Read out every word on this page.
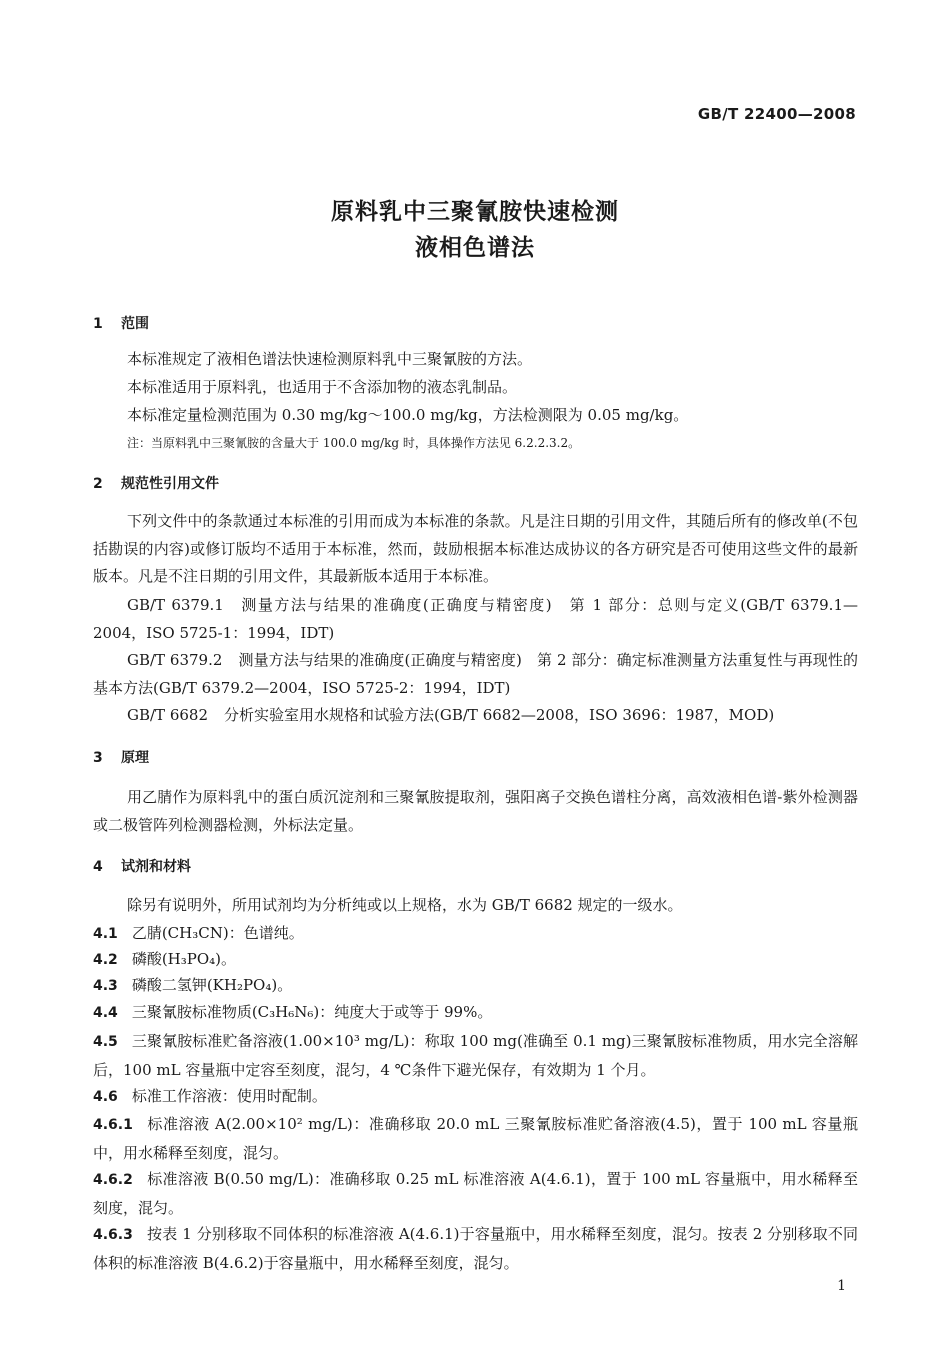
GB/T 22400—2008
原料乳中三聚氰胺快速检测
液相色谱法
1 范围
本标准规定了液相色谱法快速检测原料乳中三聚氰胺的方法。
本标准适用于原料乳，也适用于不含添加物的液态乳制品。
本标准定量检测范围为 0.30 mg/kg～100.0 mg/kg，方法检测限为 0.05 mg/kg。
注：当原料乳中三聚氰胺的含量大于 100.0 mg/kg 时，具体操作方法见 6.2.2.3.2。
2 规范性引用文件
下列文件中的条款通过本标准的引用而成为本标准的条款。凡是注日期的引用文件，其随后所有的修改单(不包括勘误的内容)或修订版均不适用于本标准，然而，鼓励根据本标准达成协议的各方研究是否可使用这些文件的最新版本。凡是不注日期的引用文件，其最新版本适用于本标准。
GB/T 6379.1 测量方法与结果的准确度(正确度与精密度)　第 1 部分：总则与定义(GB/T 6379.1—2004，ISO 5725-1：1994，IDT)
GB/T 6379.2 测量方法与结果的准确度(正确度与精密度)　第 2 部分：确定标准测量方法重复性与再现性的基本方法(GB/T 6379.2—2004，ISO 5725-2：1994，IDT)
GB/T 6682 分析实验室用水规格和试验方法(GB/T 6682—2008，ISO 3696：1987，MOD)
3 原理
用乙腈作为原料乳中的蛋白质沉淀剂和三聚氰胺提取剂，强阳离子交换色谱柱分离，高效液相色谱-紫外检测器或二极管阵列检测器检测，外标法定量。
4 试剂和材料
除另有说明外，所用试剂均为分析纯或以上规格，水为 GB/T 6682 规定的一级水。
4.1 乙腈(CH₃CN)：色谱纯。
4.2 磷酸(H₃PO₄)。
4.3 磷酸二氢钾(KH₂PO₄)。
4.4 三聚氰胺标准物质(C₃H₆N₆)：纯度大于或等于 99%。
4.5 三聚氰胺标准贮备溶液(1.00×10³ mg/L)：称取 100 mg(准确至 0.1 mg)三聚氰胺标准物质，用水完全溶解后，100 mL 容量瓶中定容至刻度，混匀，4 ℃条件下避光保存，有效期为 1 个月。
4.6 标准工作溶液：使用时配制。
4.6.1 标准溶液 A(2.00×10² mg/L)：准确移取 20.0 mL 三聚氰胺标准贮备溶液(4.5)，置于 100 mL 容量瓶中，用水稀释至刻度，混匀。
4.6.2 标准溶液 B(0.50 mg/L)：准确移取 0.25 mL 标准溶液 A(4.6.1)，置于 100 mL 容量瓶中，用水稀释至刻度，混匀。
4.6.3 按表 1 分别移取不同体积的标准溶液 A(4.6.1)于容量瓶中，用水稀释至刻度，混匀。按表 2 分别移取不同体积的标准溶液 B(4.6.2)于容量瓶中，用水稀释至刻度，混匀。
1
